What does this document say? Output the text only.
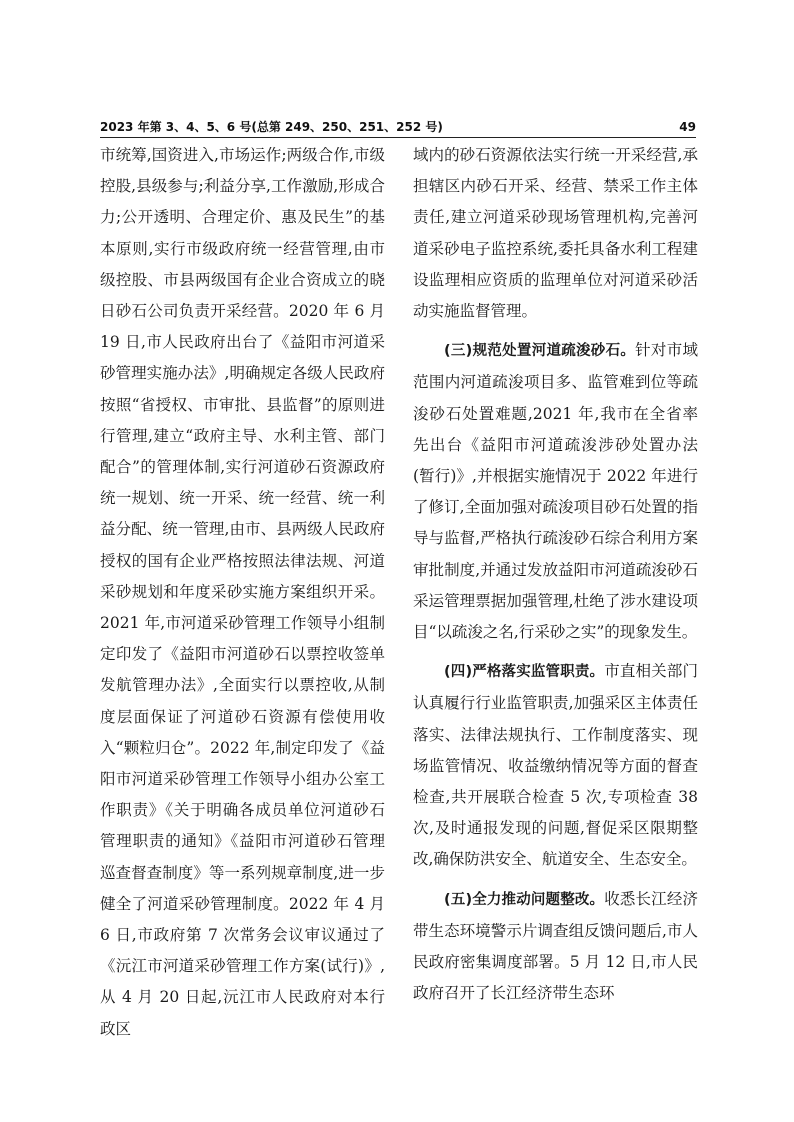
2023 年第 3、4、5、6 号(总第 249、250、251、252 号)	49

市统筹,国资进入,市场运作;两级合作,市级控股,县级参与;利益分享,工作激励,形成合力;公开透明、合理定价、惠及民生”的基本原则,实行市级政府统一经营管理,由市级控股、市县两级国有企业合资成立的晓日砂石公司负责开采经营。2020 年 6 月 19 日,市人民政府出台了《益阳市河道采砂管理实施办法》,明确规定各级人民政府按照“省授权、市审批、县监督”的原则进行管理,建立“政府主导、水利主管、部门配合”的管理体制,实行河道砂石资源政府统一规划、统一开采、统一经营、统一利益分配、统一管理,由市、县两级人民政府授权的国有企业严格按照法律法规、河道采砂规划和年度采砂实施方案组织开采。2021 年,市河道采砂管理工作领导小组制定印发了《益阳市河道砂石以票控收签单发航管理办法》,全面实行以票控收,从制度层面保证了河道砂石资源有偿使用收入“颗粒归仓”。2022 年,制定印发了《益阳市河道采砂管理工作领导小组办公室工作职责》《关于明确各成员单位河道砂石管理职责的通知》《益阳市河道砂石管理巡查督查制度》等一系列规章制度,进一步健全了河道采砂管理制度。2022 年 4 月 6 日,市政府第 7 次常务会议审议通过了《沅江市河道采砂管理工作方案(试行)》,从 4 月 20 日起,沅江市人民政府对本行政区

域内的砂石资源依法实行统一开采经营,承担辖区内砂石开采、经营、禁采工作主体责任,建立河道采砂现场管理机构,完善河道采砂电子监控系统,委托具备水利工程建设监理相应资质的监理单位对河道采砂活动实施监督管理。

(三)规范处置河道疏浚砂石。针对市域范围内河道疏浚项目多、监管难到位等疏浚砂石处置难题,2021 年,我市在全省率先出台《益阳市河道疏浚涉砂处置办法(暂行)》,并根据实施情况于 2022 年进行了修订,全面加强对疏浚项目砂石处置的指导与监督,严格执行疏浚砂石综合利用方案审批制度,并通过发放益阳市河道疏浚砂石采运管理票据加强管理,杜绝了涉水建设项目“以疏浚之名,行采砂之实”的现象发生。

(四)严格落实监管职责。市直相关部门认真履行行业监管职责,加强采区主体责任落实、法律法规执行、工作制度落实、现场监管情况、收益缴纳情况等方面的督查检查,共开展联合检查 5 次,专项检查 38 次,及时通报发现的问题,督促采区限期整改,确保防洪安全、航道安全、生态安全。

(五)全力推动问题整改。收悉长江经济带生态环境警示片调查组反馈问题后,市人民政府密集调度部署。5 月 12 日,市人民政府召开了长江经济带生态环
